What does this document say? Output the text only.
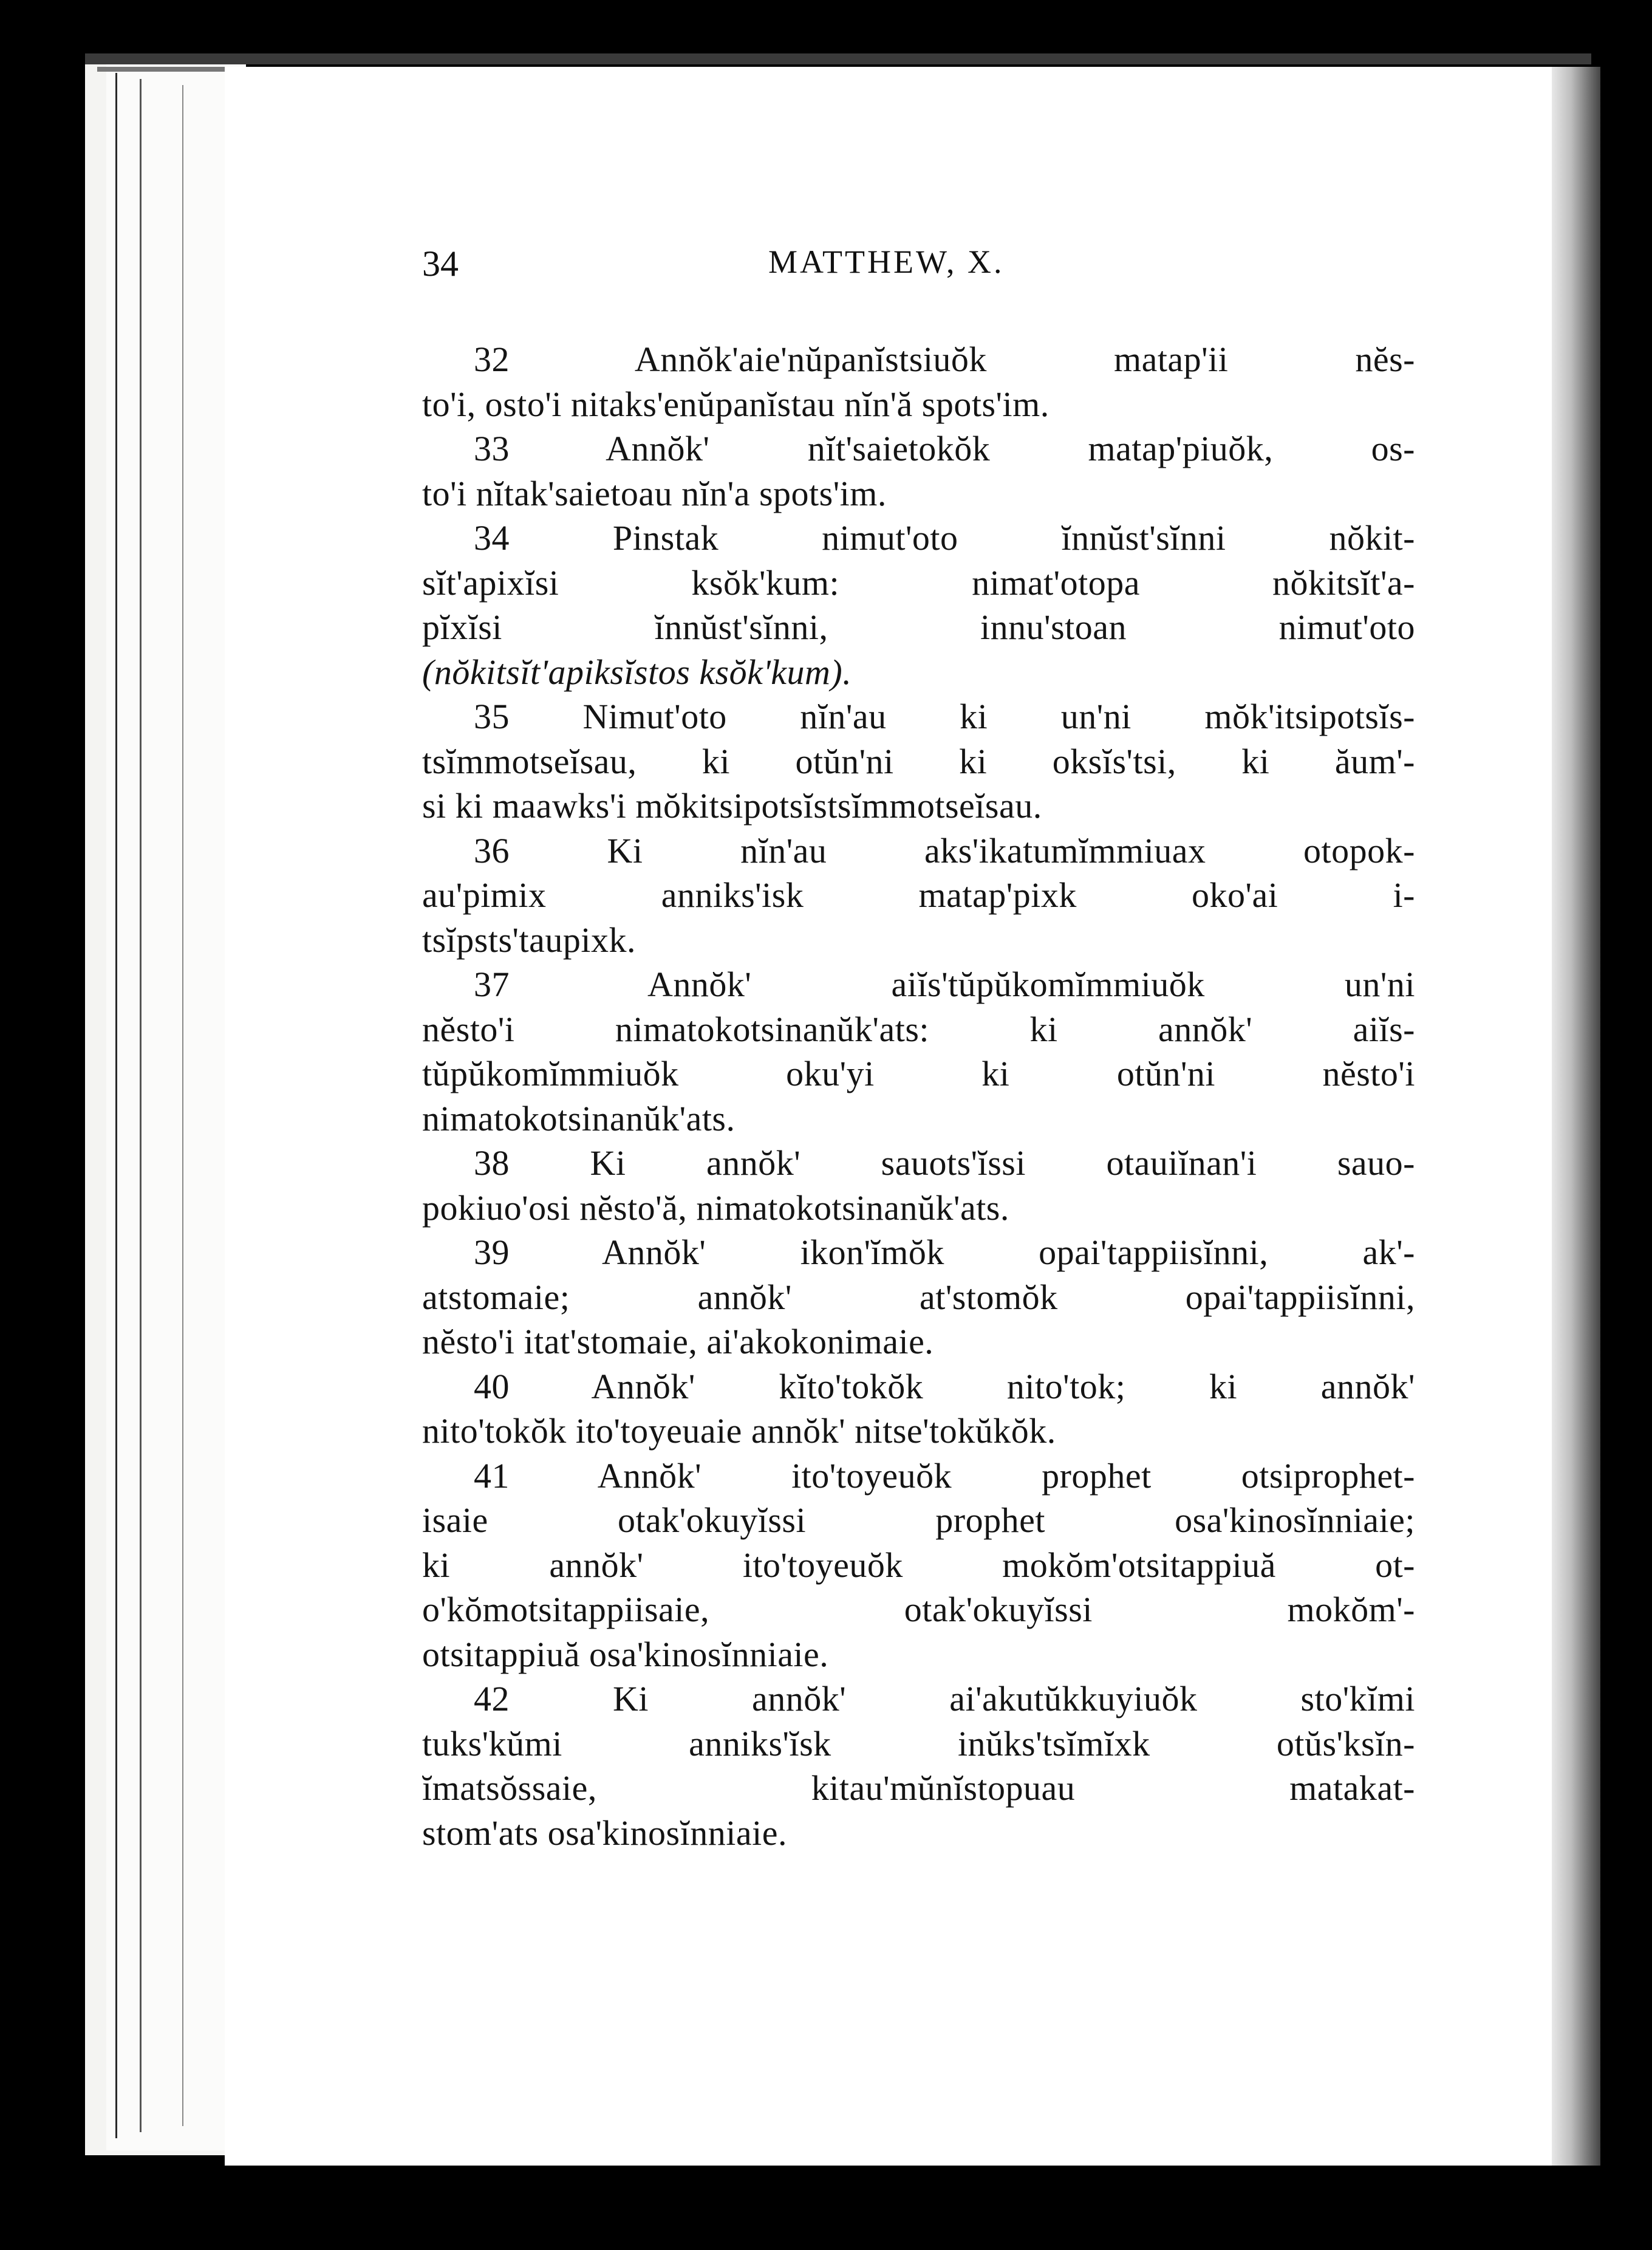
34	MATTHEW, X.
32 Annŏk'aie'nŭpanĭstsiuŏk matap'ii nĕs-
to'i, osto'i nitaks'enŭpanĭstau nĭn'ă spots'im.
33 Annŏk' nĭt'saietokŏk matap'piuŏk, os-
to'i nĭtak'saietoau nĭn'a spots'im.
34 Pinstak nimut'oto ĭnnŭst'sĭnni nŏkit-
sĭt'apixĭsi ksŏk'kum: nimat'otopa nŏkitsĭt'a-
pĭxĭsi ĭnnŭst'sĭnni, innu'stoan nimut'oto
(nŏkitsĭt'apiksĭstos ksŏk'kum).
35 Nimut'oto nĭn'au ki un'ni mŏk'itsipotsĭs-
tsĭmmotseĭsau, ki otŭn'ni ki oksĭs'tsi, ki ăum'-
si ki maawks'i mŏkitsipotsĭstsĭmmotseĭsau.
36 Ki nĭn'au aks'ikatumĭmmiuax otopok-
au'pimix anniks'isk matap'pixk oko'ai i-
tsĭpsts'taupixk.
37 Annŏk' aiĭs'tŭpŭkomĭmmiuŏk un'ni
nĕsto'i nimatokotsinanŭk'ats: ki annŏk' aiĭs-
tŭpŭkomĭmmiuŏk oku'yi ki otŭn'ni nĕsto'i
nimatokotsinanŭk'ats.
38 Ki annŏk' sauots'ĭssi otauiĭnan'i sauo-
pokiuo'osi nĕsto'ă, nimatokotsinanŭk'ats.
39 Annŏk' ikon'ĭmŏk opai'tappiisĭnni, ak'-
atstomaie; annŏk' at'stomŏk opai'tappiisĭnni,
nĕsto'i itat'stomaie, ai'akokonimaie.
40 Annŏk' kĭto'tokŏk nito'tok; ki annŏk'
nito'tokŏk ito'toyeuaie annŏk' nitse'tokŭkŏk.
41 Annŏk' ito'toyeuŏk prophet otsiprophet-
isaie otak'okuyĭssi prophet osa'kinosĭnniaie;
ki annŏk' ito'toyeuŏk mokŏm'otsitappiuă ot-
o'kŏmotsitappiisaie, otak'okuyĭssi mokŏm'-
otsitappiuă osa'kinosĭnniaie.
42 Ki annŏk' ai'akutŭkkuyiuŏk sto'kĭmi
tuks'kŭmi anniks'ĭsk inŭks'tsĭmĭxk otŭs'ksĭn-
ĭmatsŏssaie, kitau'mŭnĭstopuau matakat-
stom'ats osa'kinosĭnniaie.
